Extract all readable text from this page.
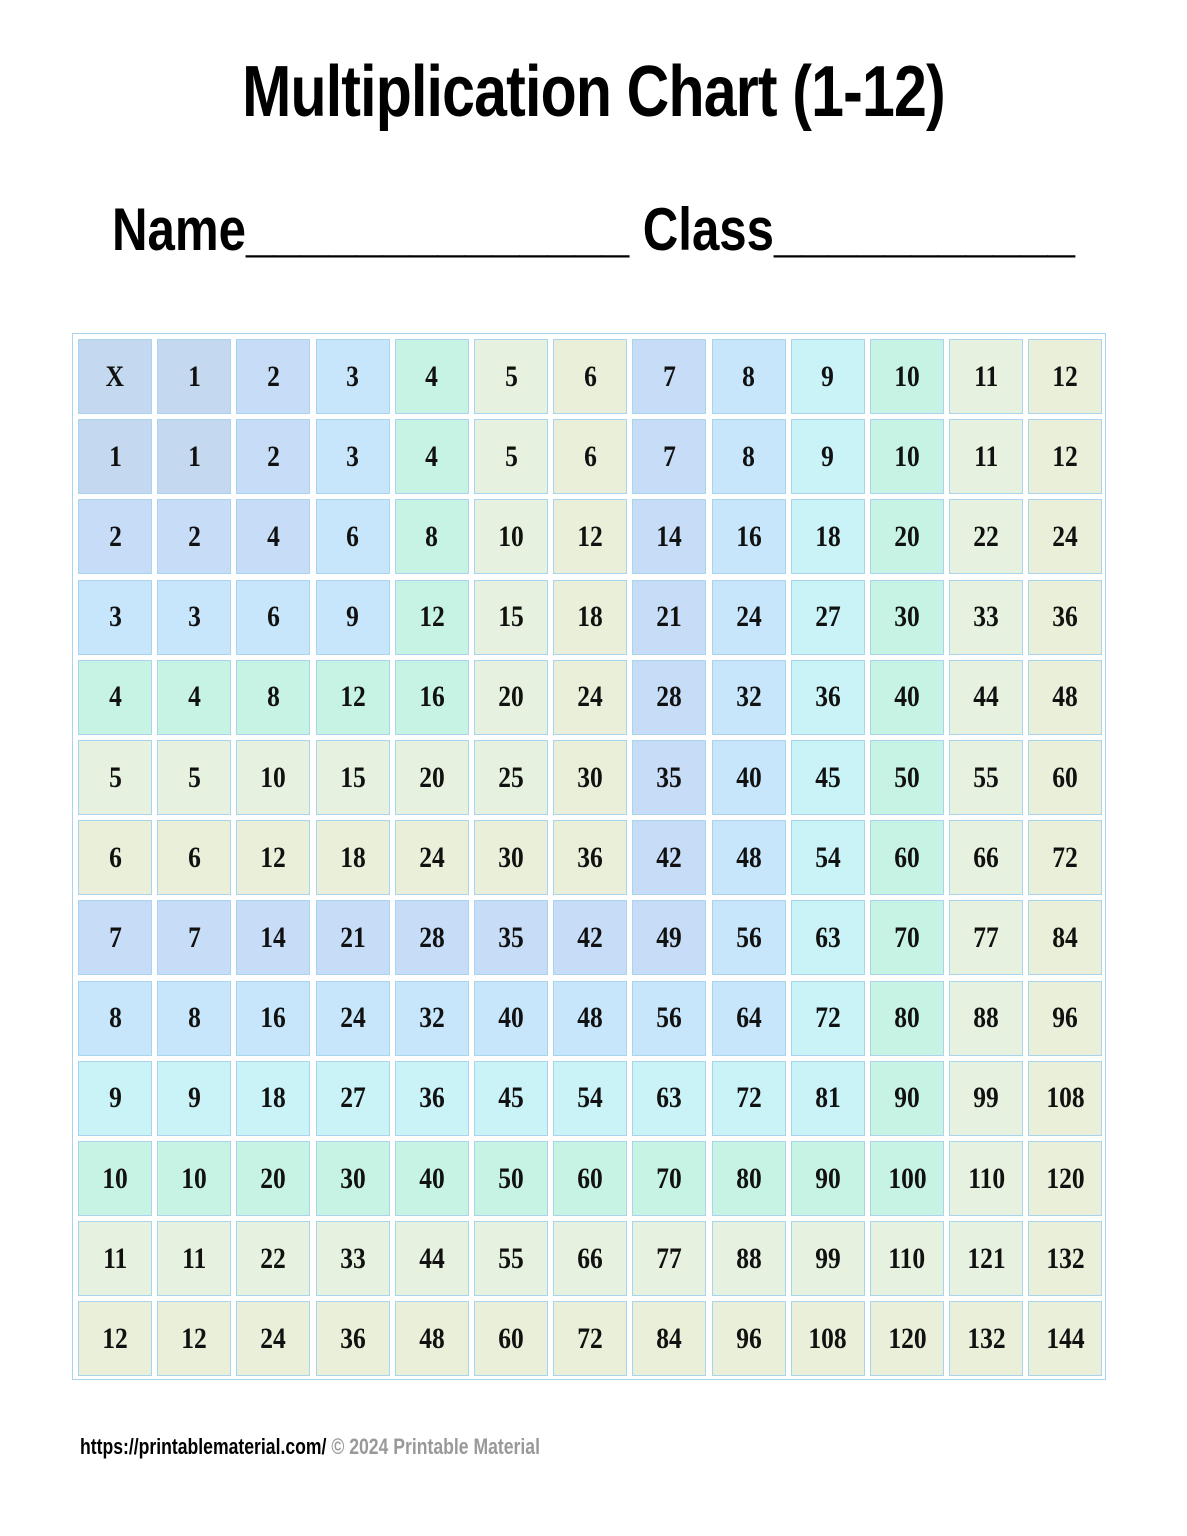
Multiplication Chart (1-12)
Name______________ Class___________
X 1 2 3 4 5 6 7 8 9 10 11 12
1 1 2 3 4 5 6 7 8 9 10 11 12
2 2 4 6 8 10 12 14 16 18 20 22 24
3 3 6 9 12 15 18 21 24 27 30 33 36
4 4 8 12 16 20 24 28 32 36 40 44 48
5 5 10 15 20 25 30 35 40 45 50 55 60
6 6 12 18 24 30 36 42 48 54 60 66 72
7 7 14 21 28 35 42 49 56 63 70 77 84
8 8 16 24 32 40 48 56 64 72 80 88 96
9 9 18 27 36 45 54 63 72 81 90 99 108
10 10 20 30 40 50 60 70 80 90 100 110 120
11 11 22 33 44 55 66 77 88 99 110 121 132
12 12 24 36 48 60 72 84 96 108 120 132 144
https://printablematerial.com/ © 2024 Printable Material
